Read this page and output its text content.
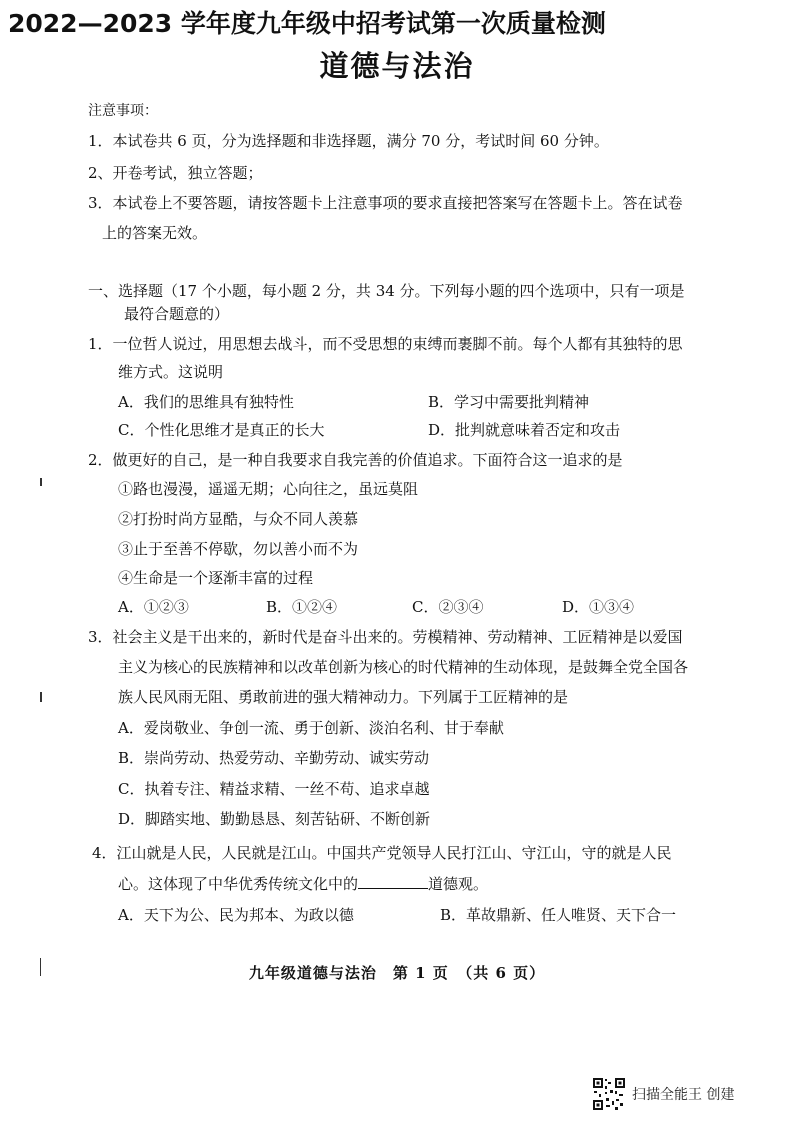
2022—2023 学年度九年级中招考试第一次质量检测
道德与法治
注意事项：
1．本试卷共 6 页，分为选择题和非选择题，满分 70 分，考试时间 60 分钟。
2、开卷考试，独立答题；
3．本试卷上不要答题，请按答题卡上注意事项的要求直接把答案写在答题卡上。答在试卷
上的答案无效。
一、选择题（17 个小题，每小题 2 分，共 34 分。下列每小题的四个选项中，只有一项是
最符合题意的）
1．一位哲人说过，用思想去战斗，而不受思想的束缚而裹脚不前。每个人都有其独特的思
维方式。这说明
A．我们的思维具有独特性	B．学习中需要批判精神
C．个性化思维才是真正的长大	D．批判就意味着否定和攻击
2．做更好的自己，是一种自我要求自我完善的价值追求。下面符合这一追求的是
①路也漫漫，遥遥无期；心向往之，虽远莫阻
②打扮时尚方显酷，与众不同人羡慕
③止于至善不停歇，勿以善小而不为
④生命是一个逐渐丰富的过程
A．①②③	B．①②④	C．②③④	D．①③④
3．社会主义是干出来的，新时代是奋斗出来的。劳模精神、劳动精神、工匠精神是以爱国
主义为核心的民族精神和以改革创新为核心的时代精神的生动体现，是鼓舞全党全国各
族人民风雨无阻、勇敢前进的强大精神动力。下列属于工匠精神的是
A．爱岗敬业、争创一流、勇于创新、淡泊名利、甘于奉献
B．崇尚劳动、热爱劳动、辛勤劳动、诚实劳动
C．执着专注、精益求精、一丝不苟、追求卓越
D．脚踏实地、勤勤恳恳、刻苦钻研、不断创新
4．江山就是人民，人民就是江山。中国共产党领导人民打江山、守江山，守的就是人民
心。这体现了中华优秀传统文化中的	道德观。
A．天下为公、民为邦本、为政以德	B．革故鼎新、任人唯贤、天下合一
九年级道德与法治　第 1 页　（共 6 页）
扫描全能王 创建
